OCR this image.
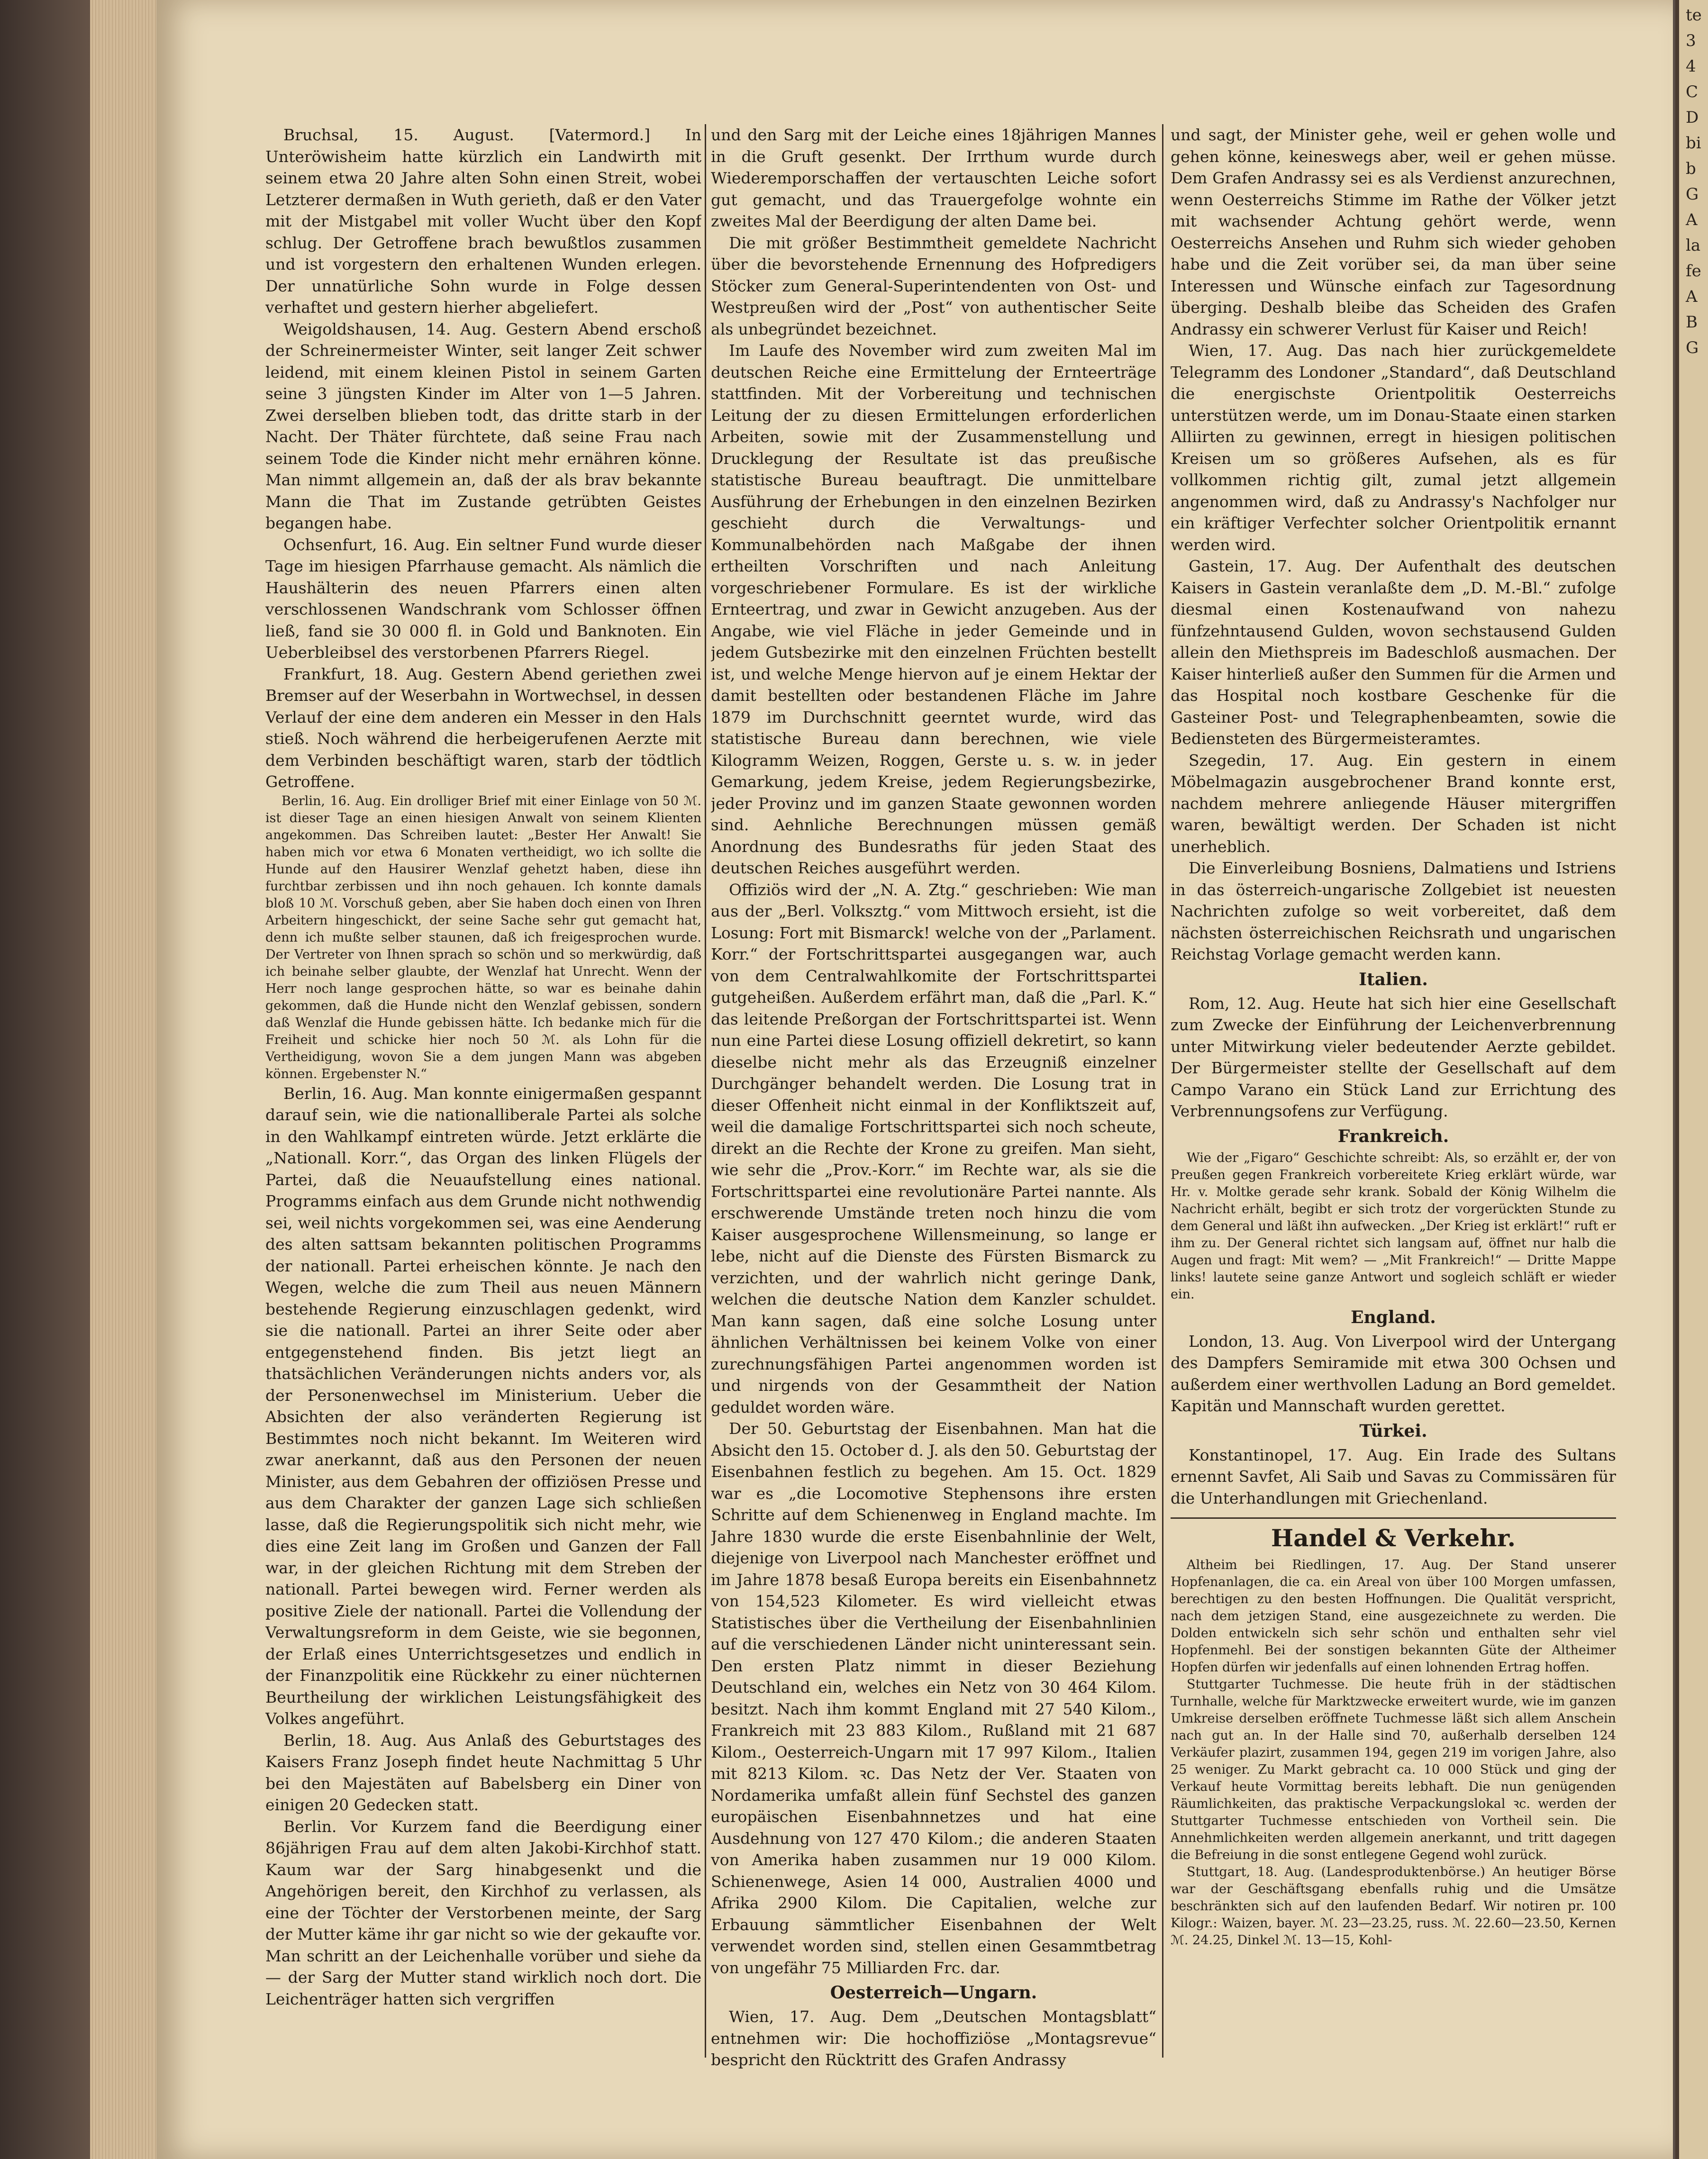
te
3
4
C
D
bi
b
G
A
la
fe
A
B
G

Bruchsal, 15. August. [Vatermord.] In Unteröwisheim hatte kürzlich ein Landwirth mit seinem etwa 20 Jahre alten Sohn einen Streit, wobei Letzterer dermaßen in Wuth gerieth, daß er den Vater mit der Mistgabel mit voller Wucht über den Kopf schlug. Der Getroffene brach bewußtlos zusammen und ist vorgestern den erhaltenen Wunden erlegen. Der unnatürliche Sohn wurde in Folge dessen verhaftet und gestern hierher abgeliefert.

Weigoldshausen, 14. Aug. Gestern Abend erschoß der Schreinermeister Winter, seit langer Zeit schwer leidend, mit einem kleinen Pistol in seinem Garten seine 3 jüngsten Kinder im Alter von 1—5 Jahren. Zwei derselben blieben todt, das dritte starb in der Nacht. Der Thäter fürchtete, daß seine Frau nach seinem Tode die Kinder nicht mehr ernähren könne. Man nimmt allgemein an, daß der als brav bekannte Mann die That im Zustande getrübten Geistes begangen habe.

Ochsenfurt, 16. Aug. Ein seltner Fund wurde dieser Tage im hiesigen Pfarrhause gemacht. Als nämlich die Haushälterin des neuen Pfarrers einen alten verschlossenen Wandschrank vom Schlosser öffnen ließ, fand sie 30 000 fl. in Gold und Banknoten. Ein Ueberbleibsel des verstorbenen Pfarrers Riegel.

Frankfurt, 18. Aug. Gestern Abend geriethen zwei Bremser auf der Weserbahn in Wortwechsel, in dessen Verlauf der eine dem anderen ein Messer in den Hals stieß. Noch während die herbeigerufenen Aerzte mit dem Verbinden beschäftigt waren, starb der tödtlich Getroffene.

Berlin, 16. Aug. Ein drolliger Brief mit einer Einlage von 50 ℳ. ist dieser Tage an einen hiesigen Anwalt von seinem Klienten angekommen. Das Schreiben lautet: „Bester Her Anwalt! Sie haben mich vor etwa 6 Monaten vertheidigt, wo ich sollte die Hunde auf den Hausirer Wenzlaf gehetzt haben, diese ihn furchtbar zerbissen und ihn noch gehauen. Ich konnte damals bloß 10 ℳ. Vorschuß geben, aber Sie haben doch einen von Ihren Arbeitern hingeschickt, der seine Sache sehr gut gemacht hat, denn ich mußte selber staunen, daß ich freigesprochen wurde. Der Vertreter von Ihnen sprach so schön und so merkwürdig, daß ich beinahe selber glaubte, der Wenzlaf hat Unrecht. Wenn der Herr noch lange gesprochen hätte, so war es beinahe dahin gekommen, daß die Hunde nicht den Wenzlaf gebissen, sondern daß Wenzlaf die Hunde gebissen hätte. Ich bedanke mich für die Freiheit und schicke hier noch 50 ℳ. als Lohn für die Vertheidigung, wovon Sie a dem jungen Mann was abgeben können. Ergebenster N.“

Berlin, 16. Aug. Man konnte einigermaßen gespannt darauf sein, wie die nationalliberale Partei als solche in den Wahlkampf eintreten würde. Jetzt erklärte die „Nationall. Korr.“, das Organ des linken Flügels der Partei, daß die Neuaufstellung eines national. Programms einfach aus dem Grunde nicht nothwendig sei, weil nichts vorgekommen sei, was eine Aenderung des alten sattsam bekannten politischen Programms der nationall. Partei erheischen könnte. Je nach den Wegen, welche die zum Theil aus neuen Männern bestehende Regierung einzuschlagen gedenkt, wird sie die nationall. Partei an ihrer Seite oder aber entgegenstehend finden. Bis jetzt liegt an thatsächlichen Veränderungen nichts anders vor, als der Personenwechsel im Ministerium. Ueber die Absichten der also veränderten Regierung ist Bestimmtes noch nicht bekannt. Im Weiteren wird zwar anerkannt, daß aus den Personen der neuen Minister, aus dem Gebahren der offiziösen Presse und aus dem Charakter der ganzen Lage sich schließen lasse, daß die Regierungspolitik sich nicht mehr, wie dies eine Zeit lang im Großen und Ganzen der Fall war, in der gleichen Richtung mit dem Streben der nationall. Partei bewegen wird. Ferner werden als positive Ziele der nationall. Partei die Vollendung der Verwaltungsreform in dem Geiste, wie sie begonnen, der Erlaß eines Unterrichtsgesetzes und endlich in der Finanzpolitik eine Rückkehr zu einer nüchternen Beurtheilung der wirklichen Leistungsfähigkeit des Volkes angeführt.

Berlin, 18. Aug. Aus Anlaß des Geburtstages des Kaisers Franz Joseph findet heute Nachmittag 5 Uhr bei den Majestäten auf Babelsberg ein Diner von einigen 20 Gedecken statt.

Berlin. Vor Kurzem fand die Beerdigung einer 86jährigen Frau auf dem alten Jakobi-Kirchhof statt. Kaum war der Sarg hinabgesenkt und die Angehörigen bereit, den Kirchhof zu verlassen, als eine der Töchter der Verstorbenen meinte, der Sarg der Mutter käme ihr gar nicht so wie der gekaufte vor. Man schritt an der Leichenhalle vorüber und siehe da — der Sarg der Mutter stand wirklich noch dort. Die Leichenträger hatten sich vergriffen

und den Sarg mit der Leiche eines 18jährigen Mannes in die Gruft gesenkt. Der Irrthum wurde durch Wiederemporschaffen der vertauschten Leiche sofort gut gemacht, und das Trauergefolge wohnte ein zweites Mal der Beerdigung der alten Dame bei.

Die mit größer Bestimmtheit gemeldete Nachricht über die bevorstehende Ernennung des Hofpredigers Stöcker zum General-Superintendenten von Ost- und Westpreußen wird der „Post“ von authentischer Seite als unbegründet bezeichnet.

Im Laufe des November wird zum zweiten Mal im deutschen Reiche eine Ermittelung der Ernteerträge stattfinden. Mit der Vorbereitung und technischen Leitung der zu diesen Ermittelungen erforderlichen Arbeiten, sowie mit der Zusammenstellung und Drucklegung der Resultate ist das preußische statistische Bureau beauftragt. Die unmittelbare Ausführung der Erhebungen in den einzelnen Bezirken geschieht durch die Verwaltungs- und Kommunalbehörden nach Maßgabe der ihnen ertheilten Vorschriften und nach Anleitung vorgeschriebener Formulare. Es ist der wirkliche Ernteertrag, und zwar in Gewicht anzugeben. Aus der Angabe, wie viel Fläche in jeder Gemeinde und in jedem Gutsbezirke mit den einzelnen Früchten bestellt ist, und welche Menge hiervon auf je einem Hektar der damit bestellten oder bestandenen Fläche im Jahre 1879 im Durchschnitt geerntet wurde, wird das statistische Bureau dann berechnen, wie viele Kilogramm Weizen, Roggen, Gerste u. s. w. in jeder Gemarkung, jedem Kreise, jedem Regierungsbezirke, jeder Provinz und im ganzen Staate gewonnen worden sind. Aehnliche Berechnungen müssen gemäß Anordnung des Bundesraths für jeden Staat des deutschen Reiches ausgeführt werden.

Offiziös wird der „N. A. Ztg.“ geschrieben: Wie man aus der „Berl. Volksztg.“ vom Mittwoch ersieht, ist die Losung: Fort mit Bismarck! welche von der „Parlament. Korr.“ der Fortschrittspartei ausgegangen war, auch von dem Centralwahlkomite der Fortschrittspartei gutgeheißen. Außerdem erfährt man, daß die „Parl. K.“ das leitende Preßorgan der Fortschrittspartei ist. Wenn nun eine Partei diese Losung offiziell dekretirt, so kann dieselbe nicht mehr als das Erzeugniß einzelner Durchgänger behandelt werden. Die Losung trat in dieser Offenheit nicht einmal in der Konfliktszeit auf, weil die damalige Fortschrittspartei sich noch scheute, direkt an die Rechte der Krone zu greifen. Man sieht, wie sehr die „Prov.-Korr.“ im Rechte war, als sie die Fortschrittspartei eine revolutionäre Partei nannte. Als erschwerende Umstände treten noch hinzu die vom Kaiser ausgesprochene Willensmeinung, so lange er lebe, nicht auf die Dienste des Fürsten Bismarck zu verzichten, und der wahrlich nicht geringe Dank, welchen die deutsche Nation dem Kanzler schuldet. Man kann sagen, daß eine solche Losung unter ähnlichen Verhältnissen bei keinem Volke von einer zurechnungsfähigen Partei angenommen worden ist und nirgends von der Gesammtheit der Nation geduldet worden wäre.

Der 50. Geburtstag der Eisenbahnen. Man hat die Absicht den 15. October d. J. als den 50. Geburtstag der Eisenbahnen festlich zu begehen. Am 15. Oct. 1829 war es „die Locomotive Stephensons ihre ersten Schritte auf dem Schienenweg in England machte. Im Jahre 1830 wurde die erste Eisenbahnlinie der Welt, diejenige von Liverpool nach Manchester eröffnet und im Jahre 1878 besaß Europa bereits ein Eisenbahnnetz von 154,523 Kilometer. Es wird vielleicht etwas Statistisches über die Vertheilung der Eisenbahnlinien auf die verschiedenen Länder nicht uninteressant sein. Den ersten Platz nimmt in dieser Beziehung Deutschland ein, welches ein Netz von 30 464 Kilom. besitzt. Nach ihm kommt England mit 27 540 Kilom., Frankreich mit 23 883 Kilom., Rußland mit 21 687 Kilom., Oesterreich-Ungarn mit 17 997 Kilom., Italien mit 8213 Kilom. ꝛc. Das Netz der Ver. Staaten von Nordamerika umfaßt allein fünf Sechstel des ganzen europäischen Eisenbahnnetzes und hat eine Ausdehnung von 127 470 Kilom.; die anderen Staaten von Amerika haben zusammen nur 19 000 Kilom. Schienenwege, Asien 14 000, Australien 4000 und Afrika 2900 Kilom. Die Capitalien, welche zur Erbauung sämmtlicher Eisenbahnen der Welt verwendet worden sind, stellen einen Gesammtbetrag von ungefähr 75 Milliarden Frc. dar.

Oesterreich—Ungarn.

Wien, 17. Aug. Dem „Deutschen Montagsblatt“ entnehmen wir: Die hochoffiziöse „Montagsrevue“ bespricht den Rücktritt des Grafen Andrassy

und sagt, der Minister gehe, weil er gehen wolle und gehen könne, keineswegs aber, weil er gehen müsse. Dem Grafen Andrassy sei es als Verdienst anzurechnen, wenn Oesterreichs Stimme im Rathe der Völker jetzt mit wachsender Achtung gehört werde, wenn Oesterreichs Ansehen und Ruhm sich wieder gehoben habe und die Zeit vorüber sei, da man über seine Interessen und Wünsche einfach zur Tagesordnung überging. Deshalb bleibe das Scheiden des Grafen Andrassy ein schwerer Verlust für Kaiser und Reich!

Wien, 17. Aug. Das nach hier zurückgemeldete Telegramm des Londoner „Standard“, daß Deutschland die energischste Orientpolitik Oesterreichs unterstützen werde, um im Donau-Staate einen starken Alliirten zu gewinnen, erregt in hiesigen politischen Kreisen um so größeres Aufsehen, als es für vollkommen richtig gilt, zumal jetzt allgemein angenommen wird, daß zu Andrassy's Nachfolger nur ein kräftiger Verfechter solcher Orientpolitik ernannt werden wird.

Gastein, 17. Aug. Der Aufenthalt des deutschen Kaisers in Gastein veranlaßte dem „D. M.-Bl.“ zufolge diesmal einen Kostenaufwand von nahezu fünfzehntausend Gulden, wovon sechstausend Gulden allein den Miethspreis im Badeschloß ausmachen. Der Kaiser hinterließ außer den Summen für die Armen und das Hospital noch kostbare Geschenke für die Gasteiner Post- und Telegraphenbeamten, sowie die Bediensteten des Bürgermeisteramtes.

Szegedin, 17. Aug. Ein gestern in einem Möbelmagazin ausgebrochener Brand konnte erst, nachdem mehrere anliegende Häuser mitergriffen waren, bewältigt werden. Der Schaden ist nicht unerheblich.

Die Einverleibung Bosniens, Dalmatiens und Istriens in das österreich-ungarische Zollgebiet ist neuesten Nachrichten zufolge so weit vorbereitet, daß dem nächsten österreichischen Reichsrath und ungarischen Reichstag Vorlage gemacht werden kann.

Italien.

Rom, 12. Aug. Heute hat sich hier eine Gesellschaft zum Zwecke der Einführung der Leichenverbrennung unter Mitwirkung vieler bedeutender Aerzte gebildet. Der Bürgermeister stellte der Gesellschaft auf dem Campo Varano ein Stück Land zur Errichtung des Verbrennungsofens zur Verfügung.

Frankreich.

Wie der „Figaro“ Geschichte schreibt: Als, so erzählt er, der von Preußen gegen Frankreich vorbereitete Krieg erklärt würde, war Hr. v. Moltke gerade sehr krank. Sobald der König Wilhelm die Nachricht erhält, begibt er sich trotz der vorgerückten Stunde zu dem General und läßt ihn aufwecken. „Der Krieg ist erklärt!“ ruft er ihm zu. Der General richtet sich langsam auf, öffnet nur halb die Augen und fragt: Mit wem? — „Mit Frankreich!“ — Dritte Mappe links! lautete seine ganze Antwort und sogleich schläft er wieder ein.

England.

London, 13. Aug. Von Liverpool wird der Untergang des Dampfers Semiramide mit etwa 300 Ochsen und außerdem einer werthvollen Ladung an Bord gemeldet. Kapitän und Mannschaft wurden gerettet.

Türkei.

Konstantinopel, 17. Aug. Ein Irade des Sultans ernennt Savfet, Ali Saib und Savas zu Commissären für die Unterhandlungen mit Griechenland.

Handel & Verkehr.

Altheim bei Riedlingen, 17. Aug. Der Stand unserer Hopfenanlagen, die ca. ein Areal von über 100 Morgen umfassen, berechtigen zu den besten Hoffnungen. Die Qualität verspricht, nach dem jetzigen Stand, eine ausgezeichnete zu werden. Die Dolden entwickeln sich sehr schön und enthalten sehr viel Hopfenmehl. Bei der sonstigen bekannten Güte der Altheimer Hopfen dürfen wir jedenfalls auf einen lohnenden Ertrag hoffen.

Stuttgarter Tuchmesse. Die heute früh in der städtischen Turnhalle, welche für Marktzwecke erweitert wurde, wie im ganzen Umkreise derselben eröffnete Tuchmesse läßt sich allem Anschein nach gut an. In der Halle sind 70, außerhalb derselben 124 Verkäufer plazirt, zusammen 194, gegen 219 im vorigen Jahre, also 25 weniger. Zu Markt gebracht ca. 10 000 Stück und ging der Verkauf heute Vormittag bereits lebhaft. Die nun genügenden Räumlichkeiten, das praktische Verpackungslokal ꝛc. werden der Stuttgarter Tuchmesse entschieden von Vortheil sein. Die Annehmlichkeiten werden allgemein anerkannt, und tritt dagegen die Befreiung in die sonst entlegene Gegend wohl zurück.

Stuttgart, 18. Aug. (Landesproduktenbörse.) An heutiger Börse war der Geschäftsgang ebenfalls ruhig und die Umsätze beschränkten sich auf den laufenden Bedarf. Wir notiren pr. 100 Kilogr.: Waizen, bayer. ℳ. 23—23.25, russ. ℳ. 22.60—23.50, Kernen ℳ. 24.25, Dinkel ℳ. 13—15, Kohl-
